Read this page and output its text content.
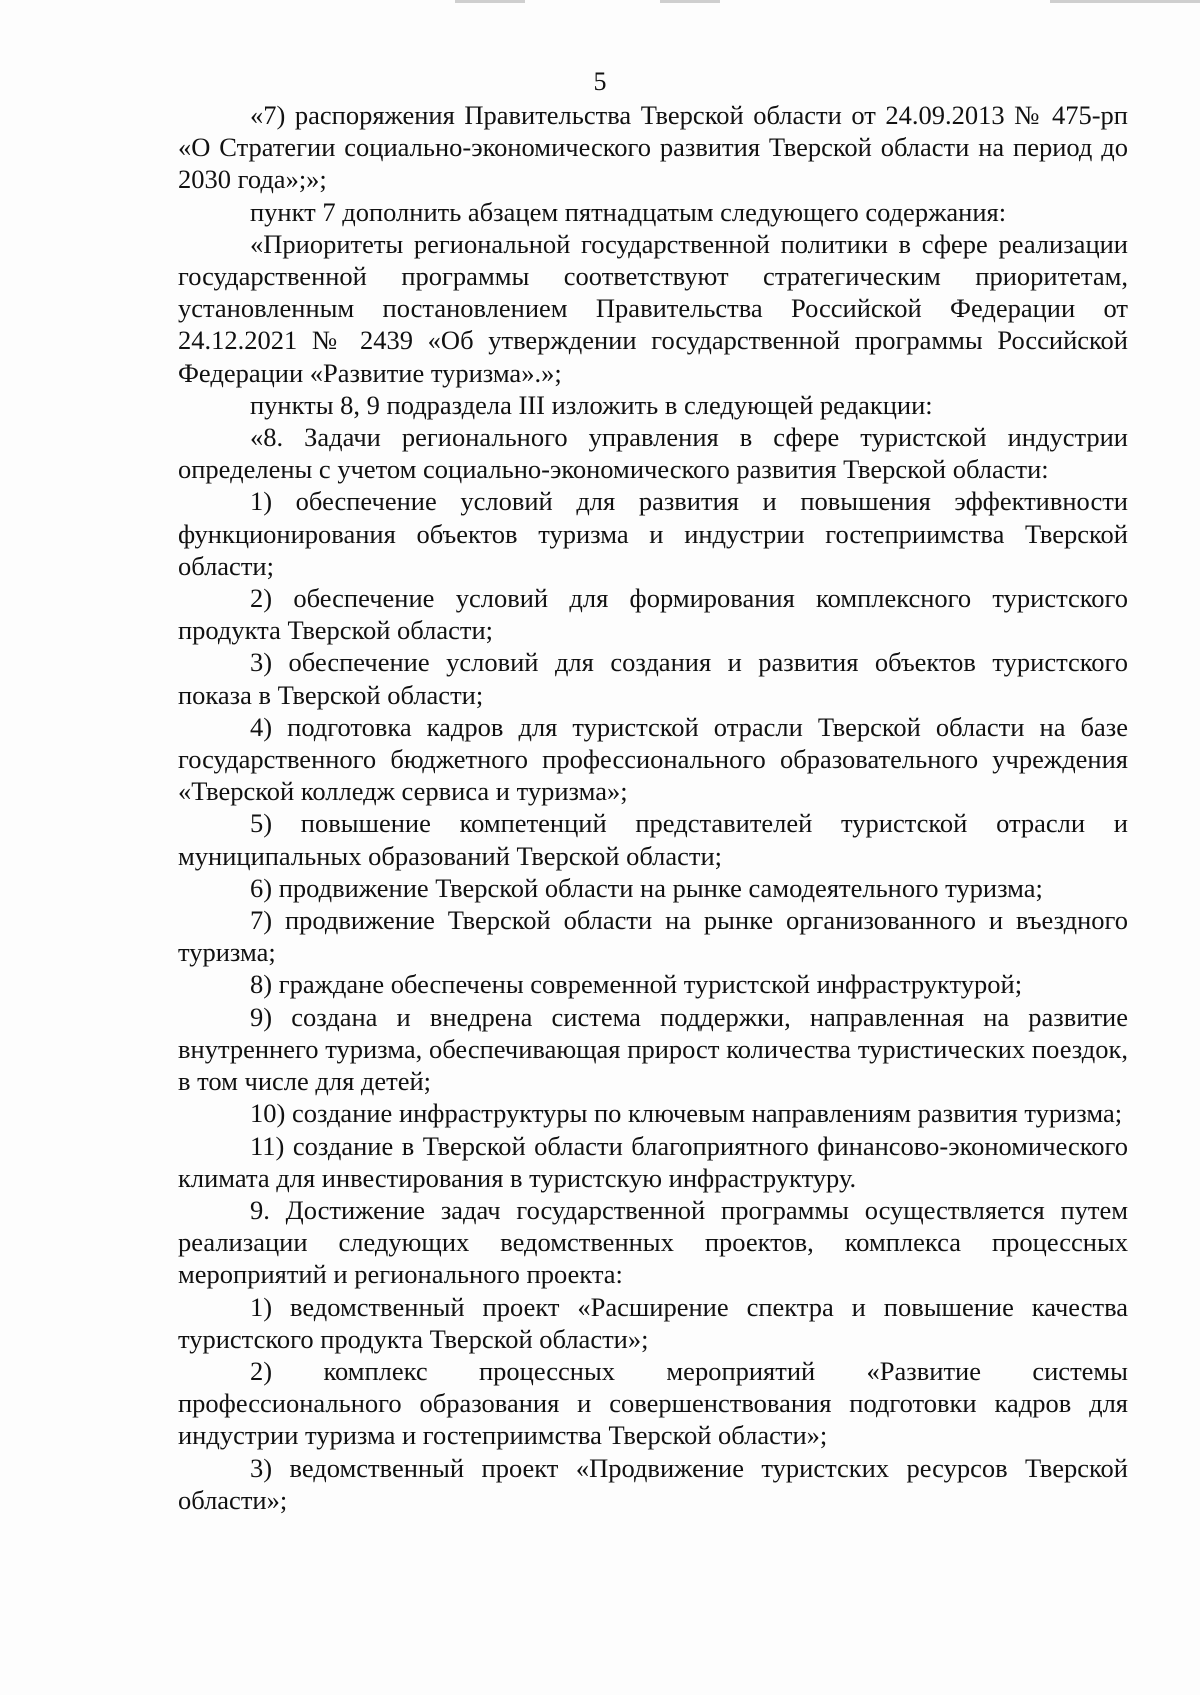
5

«7) распоряжения Правительства Тверской области от 24.09.2013 № 475-рп «О Стратегии социально-экономического развития Тверской области на период до 2030 года»;»;

пункт 7 дополнить абзацем пятнадцатым следующего содержания:

«Приоритеты региональной государственной политики в сфере реализации государственной программы соответствуют стратегическим приоритетам, установленным постановлением Правительства Российской Федерации от 24.12.2021 № 2439 «Об утверждении государственной программы Российской Федерации «Развитие туризма».»;

пункты 8, 9 подраздела III изложить в следующей редакции:

«8. Задачи регионального управления в сфере туристской индустрии определены с учетом социально-экономического развития Тверской области:

1) обеспечение условий для развития и повышения эффективности функционирования объектов туризма и индустрии гостеприимства Тверской области;

2) обеспечение условий для формирования комплексного туристского продукта Тверской области;

3) обеспечение условий для создания и развития объектов туристского показа в Тверской области;

4) подготовка кадров для туристской отрасли Тверской области на базе государственного бюджетного профессионального образовательного учреждения «Тверской колледж сервиса и туризма»;

5) повышение компетенций представителей туристской отрасли и муниципальных образований Тверской области;

6) продвижение Тверской области на рынке самодеятельного туризма;

7) продвижение Тверской области на рынке организованного и въездного туризма;

8) граждане обеспечены современной туристской инфраструктурой;

9) создана и внедрена система поддержки, направленная на развитие внутреннего туризма, обеспечивающая прирост количества туристических поездок, в том числе для детей;

10) создание инфраструктуры по ключевым направлениям развития туризма;

11) создание в Тверской области благоприятного финансово-экономического климата для инвестирования в туристскую инфраструктуру.

9. Достижение задач государственной программы осуществляется путем реализации следующих ведомственных проектов, комплекса процессных мероприятий и регионального проекта:

1) ведомственный проект «Расширение спектра и повышение качества туристского продукта Тверской области»;

2) комплекс процессных мероприятий «Развитие системы профессионального образования и совершенствования подготовки кадров для индустрии туризма и гостеприимства Тверской области»;

3) ведомственный проект «Продвижение туристских ресурсов Тверской области»;
